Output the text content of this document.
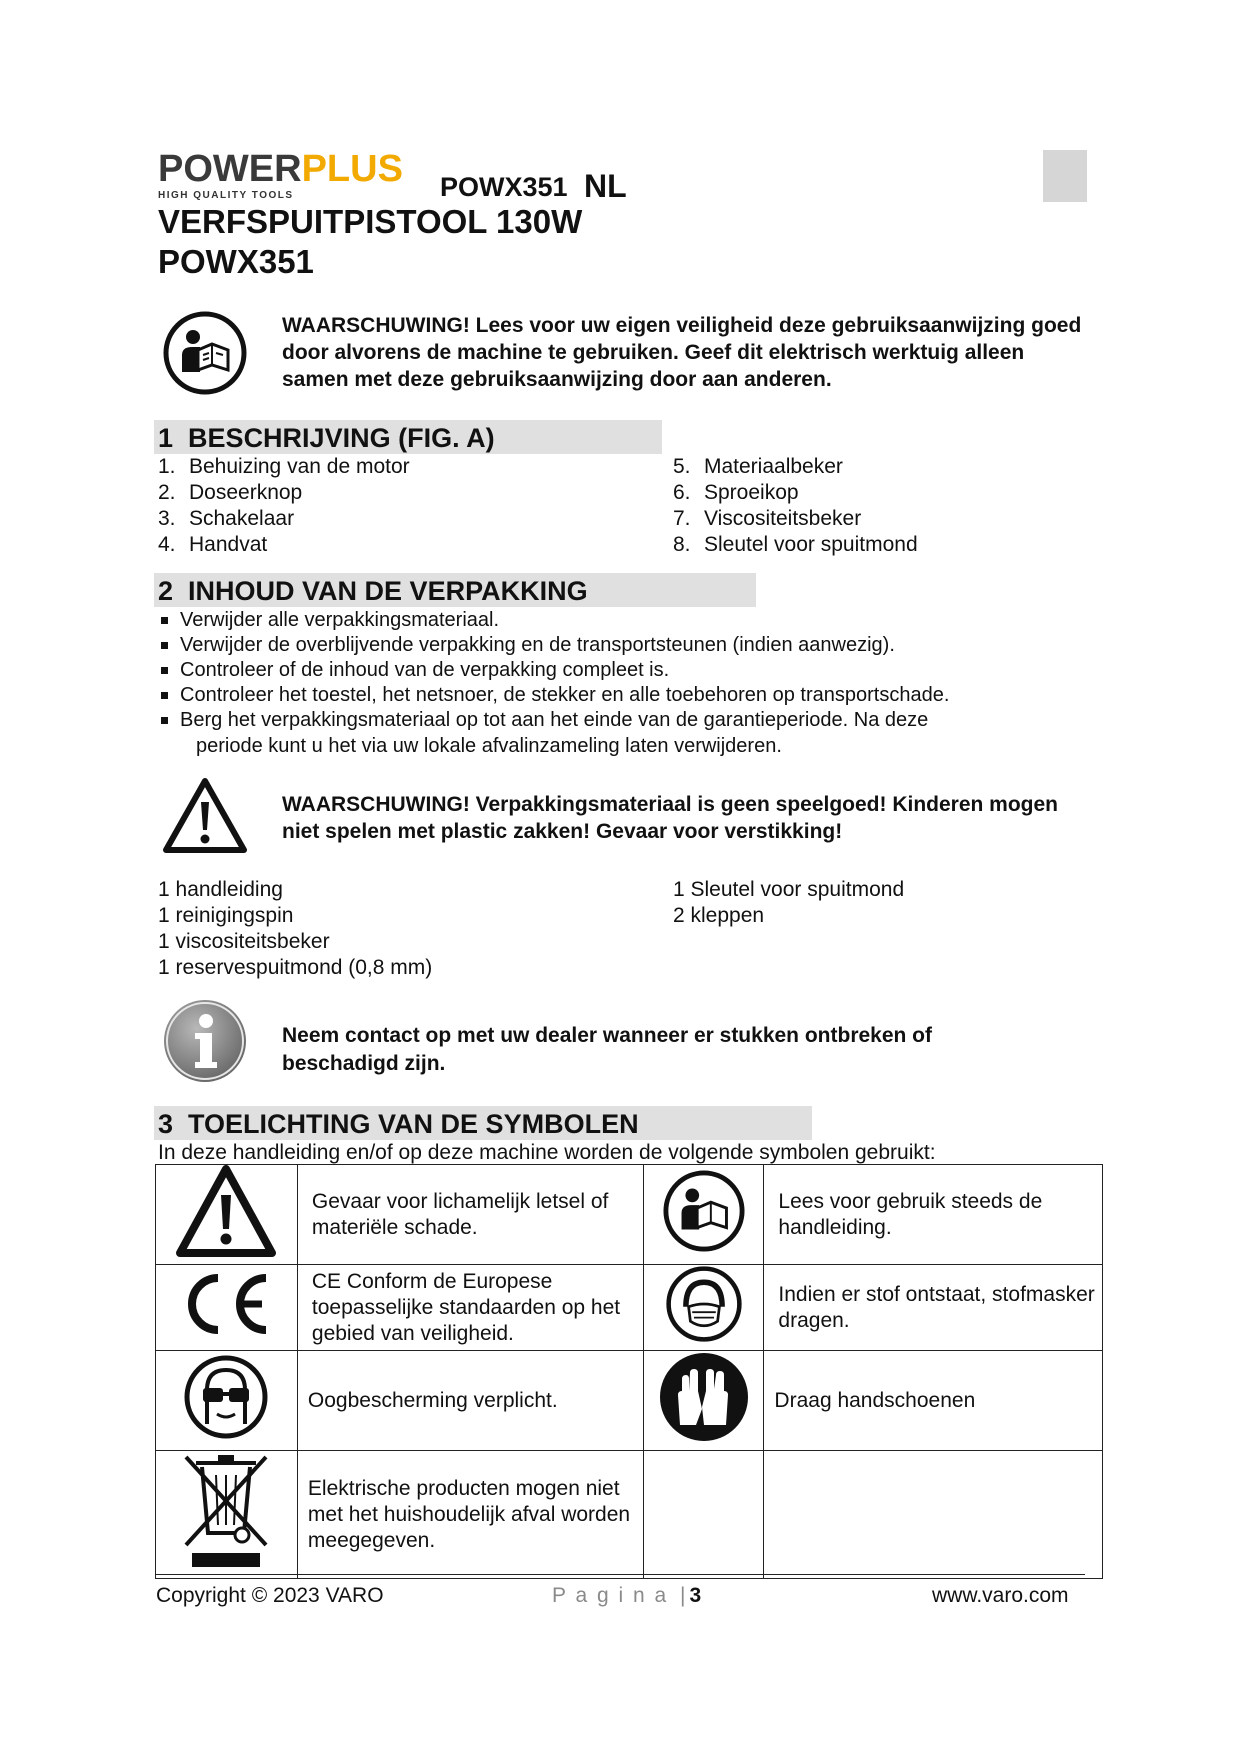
POWERPLUS
HIGH QUALITY TOOLS	POWX351 NL
VERFSPUITPISTOOL 130W
POWX351
WAARSCHUWING! Lees voor uw eigen veiligheid deze gebruiksaanwijzing goed door alvorens de machine te gebruiken. Geef dit elektrisch werktuig alleen samen met deze gebruiksaanwijzing door aan anderen.
1 BESCHRIJVING (FIG. A)
1. Behuizing van de motor
2. Doseerknop
3. Schakelaar
4. Handvat
5. Materiaalbeker
6. Sproeikop
7. Viscositeitsbeker
8. Sleutel voor spuitmond
2 INHOUD VAN DE VERPAKKING
Verwijder alle verpakkingsmateriaal.
Verwijder de overblijvende verpakking en de transportsteunen (indien aanwezig).
Controleer of de inhoud van de verpakking compleet is.
Controleer het toestel, het netsnoer, de stekker en alle toebehoren op transportschade.
Berg het verpakkingsmateriaal op tot aan het einde van de garantieperiode. Na deze
periode kunt u het via uw lokale afvalinzameling laten verwijderen.
WAARSCHUWING! Verpakkingsmateriaal is geen speelgoed! Kinderen mogen niet spelen met plastic zakken! Gevaar voor verstikking!
1 handleiding
1 reinigingspin
1 viscositeitsbeker
1 reservespuitmond (0,8 mm)
1 Sleutel voor spuitmond
2 kleppen
Neem contact op met uw dealer wanneer er stukken ontbreken of beschadigd zijn.
3 TOELICHTING VAN DE SYMBOLEN
In deze handleiding en/of op deze machine worden de volgende symbolen gebruikt:
	Gevaar voor lichamelijk letsel of materiële schade.		Lees voor gebruik steeds de handleiding.
	CE Conform de Europese toepasselijke standaarden op het gebied van veiligheid.		Indien er stof ontstaat, stofmasker dragen.
	Oogbescherming verplicht.		Draag handschoenen
	Elektrische producten mogen niet met het huishoudelijk afval worden meegegeven.		
Copyright © 2023 VARO	P a g i n a | 3	www.varo.com
